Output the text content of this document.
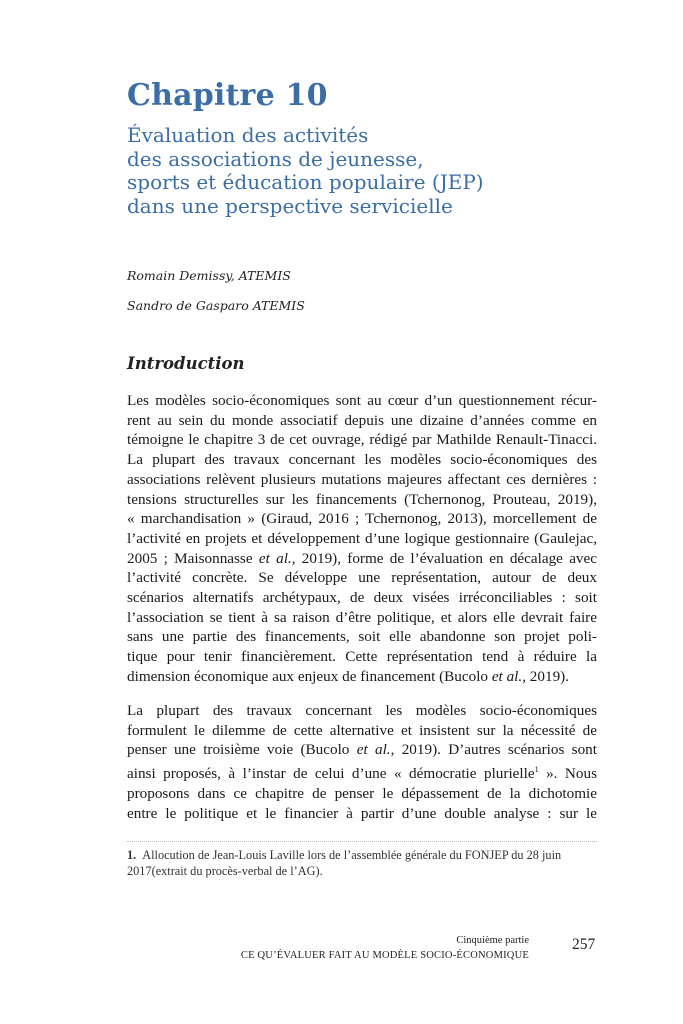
Chapitre 10
Évaluation des activités
des associations de jeunesse,
sports et éducation populaire (JEP)
dans une perspective servicielle
Romain Demissy, ATEMIS
Sandro de Gasparo ATEMIS
Introduction
Les modèles socio-économiques sont au cœur d’un questionnement récur-
rent au sein du monde associatif depuis une dizaine d’années comme en
témoigne le chapitre 3 de cet ouvrage, rédigé par Mathilde Renault-Tinacci.
La plupart des travaux concernant les modèles socio-économiques des
associations relèvent plusieurs mutations majeures affectant ces dernières :
tensions structurelles sur les financements (Tchernonog, Prouteau, 2019),
« marchandisation » (Giraud, 2016 ; Tchernonog, 2013), morcellement de
l’activité en projets et développement d’une logique gestionnaire (Gaulejac,
2005 ; Maisonnasse et al., 2019), forme de l’évaluation en décalage avec
l’activité concrète. Se développe une représentation, autour de deux
scénarios alternatifs archétypaux, de deux visées irréconciliables : soit
l’association se tient à sa raison d’être politique, et alors elle devrait faire
sans une partie des financements, soit elle abandonne son projet poli-
tique pour tenir financièrement. Cette représentation tend à réduire la
dimension économique aux enjeux de financement (Bucolo et al., 2019).
La plupart des travaux concernant les modèles socio-économiques
formulent le dilemme de cette alternative et insistent sur la nécessité de
penser une troisième voie (Bucolo et al., 2019). D’autres scénarios sont
ainsi proposés, à l’instar de celui d’une « démocratie plurielle$^1$ ». Nous
proposons dans ce chapitre de penser le dépassement de la dichotomie
entre le politique et le financier à partir d’une double analyse : sur le
1. Allocution de Jean-Louis Laville lors de l’assemblée générale du FONJEP du 28 juin 2017(extrait du procès-verbal de l’AG).
Cinquième partie
CE QU’ÉVALUER FAIT AU MODÈLE SOCIO-ÉCONOMIQUE
257
